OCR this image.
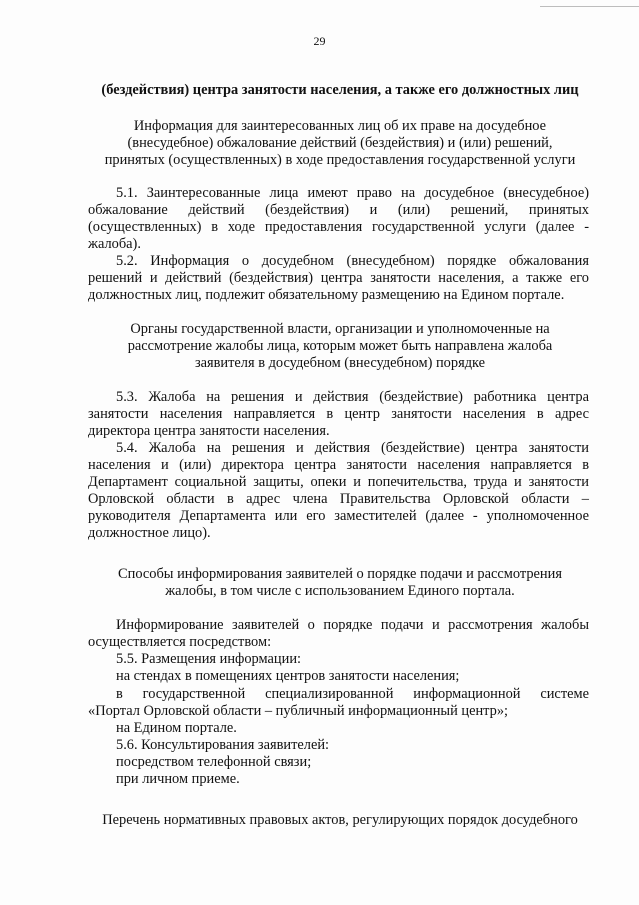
29
(бездействия) центра занятости населения, а также его должностных лиц
Информация для заинтересованных лиц об их праве на досудебное
(внесудебное) обжалование действий (бездействия) и (или) решений,
принятых (осуществленных) в ходе предоставления государственной услуги
5.1. Заинтересованные лица имеют право на досудебное (внесудебное)
обжалование действий (бездействия) и (или) решений, принятых
(осуществленных) в ходе предоставления государственной услуги (далее -
жалоба).
5.2. Информация о досудебном (внесудебном) порядке обжалования
решений и действий (бездействия) центра занятости населения, а также его
должностных лиц, подлежит обязательному размещению на Едином портале.
Органы государственной власти, организации и уполномоченные на
рассмотрение жалобы лица, которым может быть направлена жалоба
заявителя в досудебном (внесудебном) порядке
5.3. Жалоба на решения и действия (бездействие) работника центра
занятости населения направляется в центр занятости населения в адрес
директора центра занятости населения.
5.4. Жалоба на решения и действия (бездействие) центра занятости
населения и (или) директора центра занятости населения направляется в
Департамент социальной защиты, опеки и попечительства, труда и занятости
Орловской области в адрес члена Правительства Орловской области –
руководителя Департамента или его заместителей (далее - уполномоченное
должностное лицо).
Способы информирования заявителей о порядке подачи и рассмотрения
жалобы, в том числе с использованием Единого портала.
Информирование заявителей о порядке подачи и рассмотрения жалобы
осуществляется посредством:
5.5. Размещения информации:
на стендах в помещениях центров занятости населения;
в государственной специализированной информационной системе
«Портал Орловской области – публичный информационный центр»;
на Едином портале.
5.6. Консультирования заявителей:
посредством телефонной связи;
при личном приеме.
Перечень нормативных правовых актов, регулирующих порядок досудебного
